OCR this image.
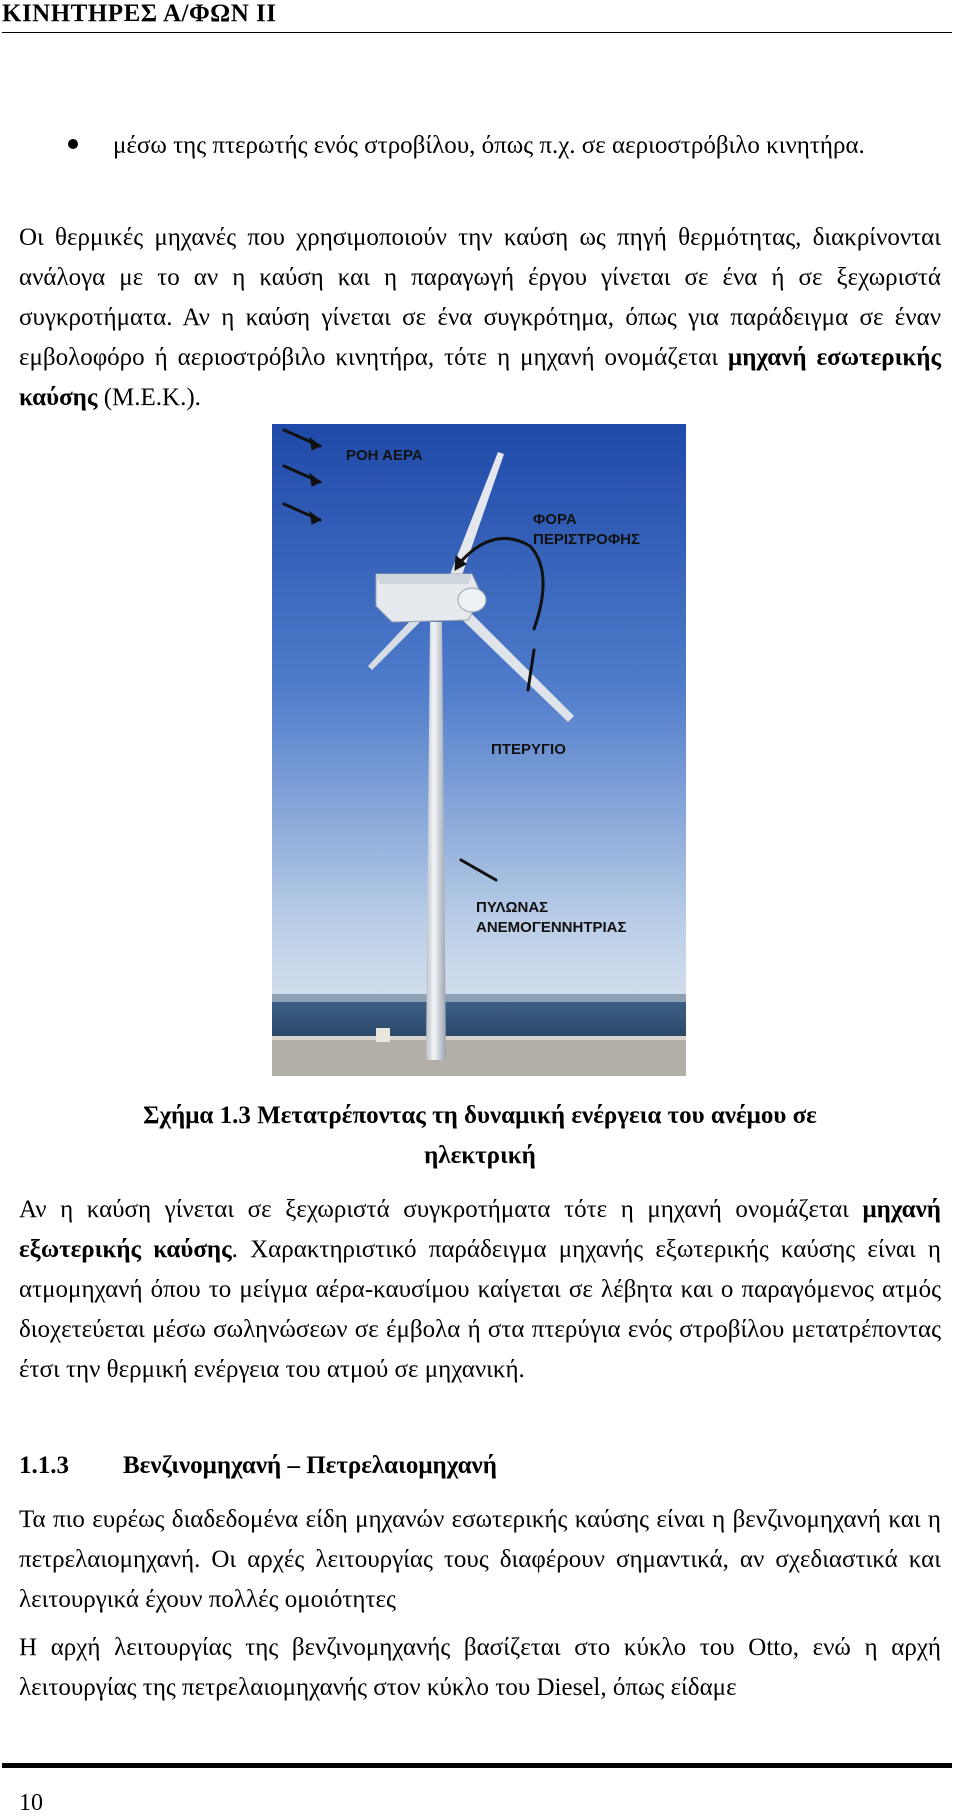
ΚΙΝΗΤΗΡΕΣ Α/ΦΩΝ ΙΙ
μέσω της πτερωτής ενός στροβίλου, όπως π.χ. σε αεριοστρόβιλο κινητήρα.
Οι θερμικές μηχανές που χρησιμοποιούν την καύση ως πηγή θερμότητας, διακρίνονται ανάλογα με το αν η καύση και η παραγωγή έργου γίνεται σε ένα ή σε ξεχωριστά συγκροτήματα. Αν η καύση γίνεται σε ένα συγκρότημα, όπως για παράδειγμα σε έναν εμβολοφόρο ή αεριοστρόβιλο κινητήρα, τότε η μηχανή ονομάζεται μηχανή εσωτερικής καύσης (Μ.Ε.Κ.).
ΡΟΗ ΑΕΡΑ
ΦΟΡΑ
ΠΕΡΙΣΤΡΟΦΗΣ
ΠΤΕΡΥΓΙΟ
ΠΥΛΩΝΑΣ
ΑΝΕΜΟΓΕΝΝΗΤΡΙΑΣ
Σχήμα 1.3 Μετατρέποντας τη δυναμική ενέργεια του ανέμου σε
ηλεκτρική
Αν η καύση γίνεται σε ξεχωριστά συγκροτήματα τότε η μηχανή ονομάζεται μηχανή εξωτερικής καύσης. Χαρακτηριστικό παράδειγμα μηχανής εξωτερικής καύσης είναι η ατμομηχανή όπου το μείγμα αέρα-καυσίμου καίγεται σε λέβητα και ο παραγόμενος ατμός διοχετεύεται μέσω σωληνώσεων σε έμβολα ή στα πτερύγια ενός στροβίλου μετατρέποντας έτσι την θερμική ενέργεια του ατμού σε μηχανική.
1.1.3 Βενζινομηχανή – Πετρελαιομηχανή
Τα πιο ευρέως διαδεδομένα είδη μηχανών εσωτερικής καύσης είναι η βενζινομηχανή και η πετρελαιομηχανή. Οι αρχές λειτουργίας τους διαφέρουν σημαντικά, αν σχεδιαστικά και λειτουργικά έχουν πολλές ομοιότητες
Η αρχή λειτουργίας της βενζινομηχανής βασίζεται στο κύκλο του Otto, ενώ η αρχή λειτουργίας της πετρελαιομηχανής στον κύκλο του Diesel, όπως είδαμε
10
